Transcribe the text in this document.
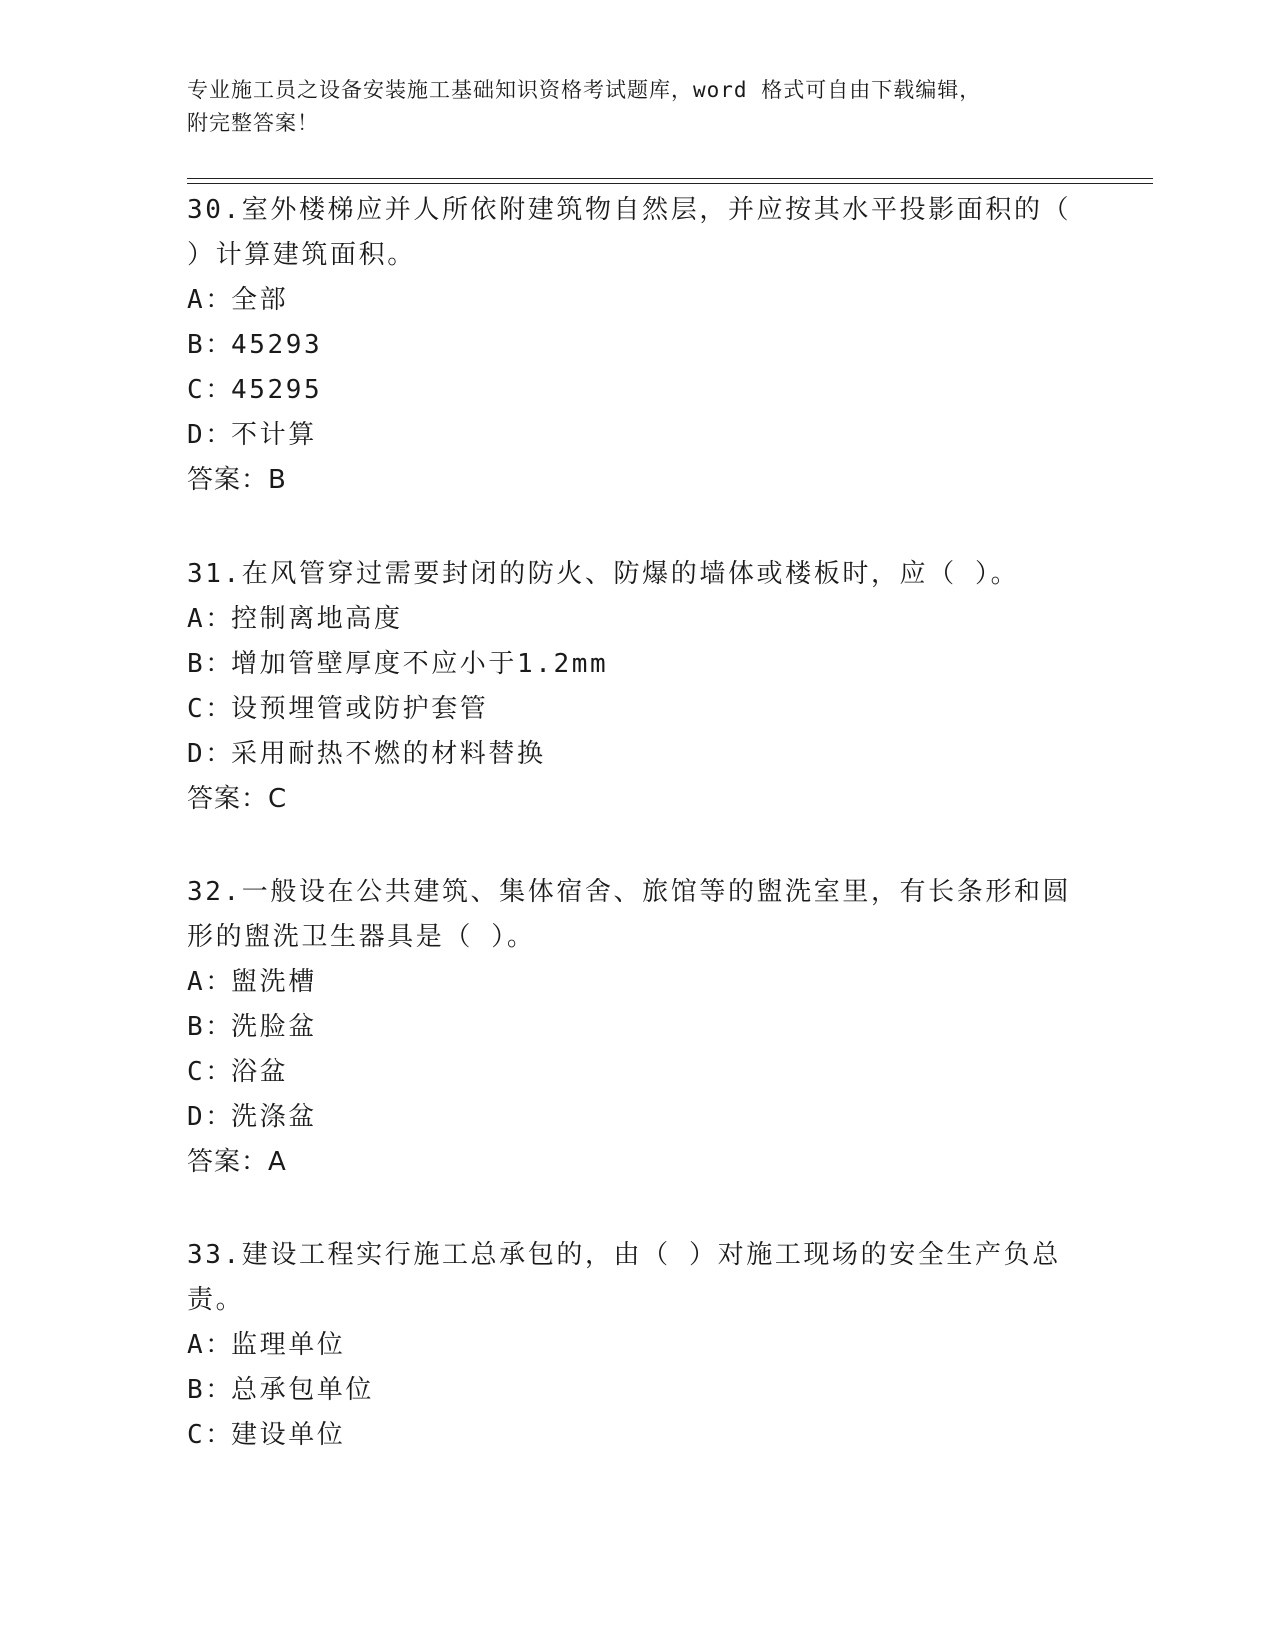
专业施工员之设备安装施工基础知识资格考试题库，word 格式可自由下载编辑，
附完整答案！

30.室外楼梯应并人所依附建筑物自然层，并应按其水平投影面积的（ ）计算建筑面积。

A：
全部
B：
45293
C：
45295
D：
不计算
答案：B

31.在风管穿过需要封闭的防火、防爆的墙体或楼板时，应（ ）。

A：
控制离地高度
B：
增加管壁厚度不应小于1.2mm
C：
设预埋管或防护套管
D：
采用耐热不燃的材料替换
答案：C

32.一般设在公共建筑、集体宿舍、旅馆等的盥洗室里，有长条形和圆形的盥洗卫生器具是（ ）。

A：
盥洗槽
B：
洗脸盆
C：
浴盆
D：
洗涤盆
答案：A

33.建设工程实行施工总承包的，由（ ）对施工现场的安全生产负总责。

A：
监理单位
B：
总承包单位
C：
建设单位
